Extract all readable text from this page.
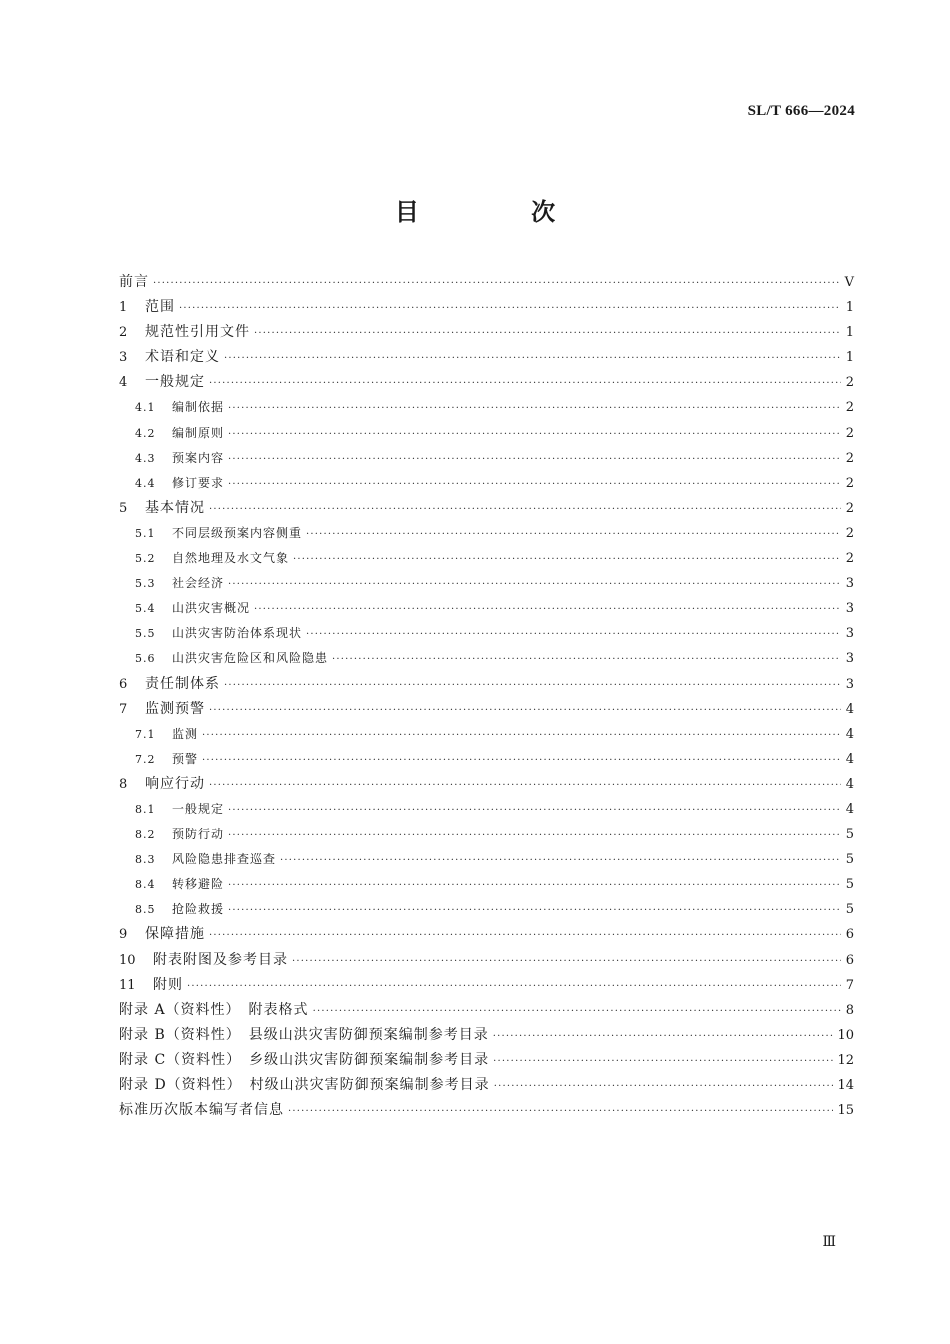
SL/T 666—2024
目 次
前言 ·····	V
1	范围 ·····	1
2	规范性引用文件 ·····	1
3	术语和定义 ·····	1
4	一般规定 ·····	2
4.1	编制依据 ·····	2
4.2	编制原则 ·····	2
4.3	预案内容 ·····	2
4.4	修订要求 ·····	2
5	基本情况 ·····	2
5.1	不同层级预案内容侧重 ·····	2
5.2	自然地理及水文气象 ·····	2
5.3	社会经济 ·····	3
5.4	山洪灾害概况 ·····	3
5.5	山洪灾害防治体系现状 ·····	3
5.6	山洪灾害危险区和风险隐患 ·····	3
6	责任制体系 ·····	3
7	监测预警 ·····	4
7.1	监测 ·····	4
7.2	预警 ·····	4
8	响应行动 ·····	4
8.1	一般规定 ·····	4
8.2	预防行动 ·····	5
8.3	风险隐患排查巡查 ·····	5
8.4	转移避险 ·····	5
8.5	抢险救援 ·····	5
9	保障措施 ·····	6
10	附表附图及参考目录 ·····	6
11	附则 ·····	7
附录 A（资料性）　附表格式 ·····	8
附录 B（资料性）　县级山洪灾害防御预案编制参考目录 ·····	10
附录 C（资料性）　乡级山洪灾害防御预案编制参考目录 ·····	12
附录 D（资料性）　村级山洪灾害防御预案编制参考目录 ·····	14
标准历次版本编写者信息 ·····	15
Ⅲ
